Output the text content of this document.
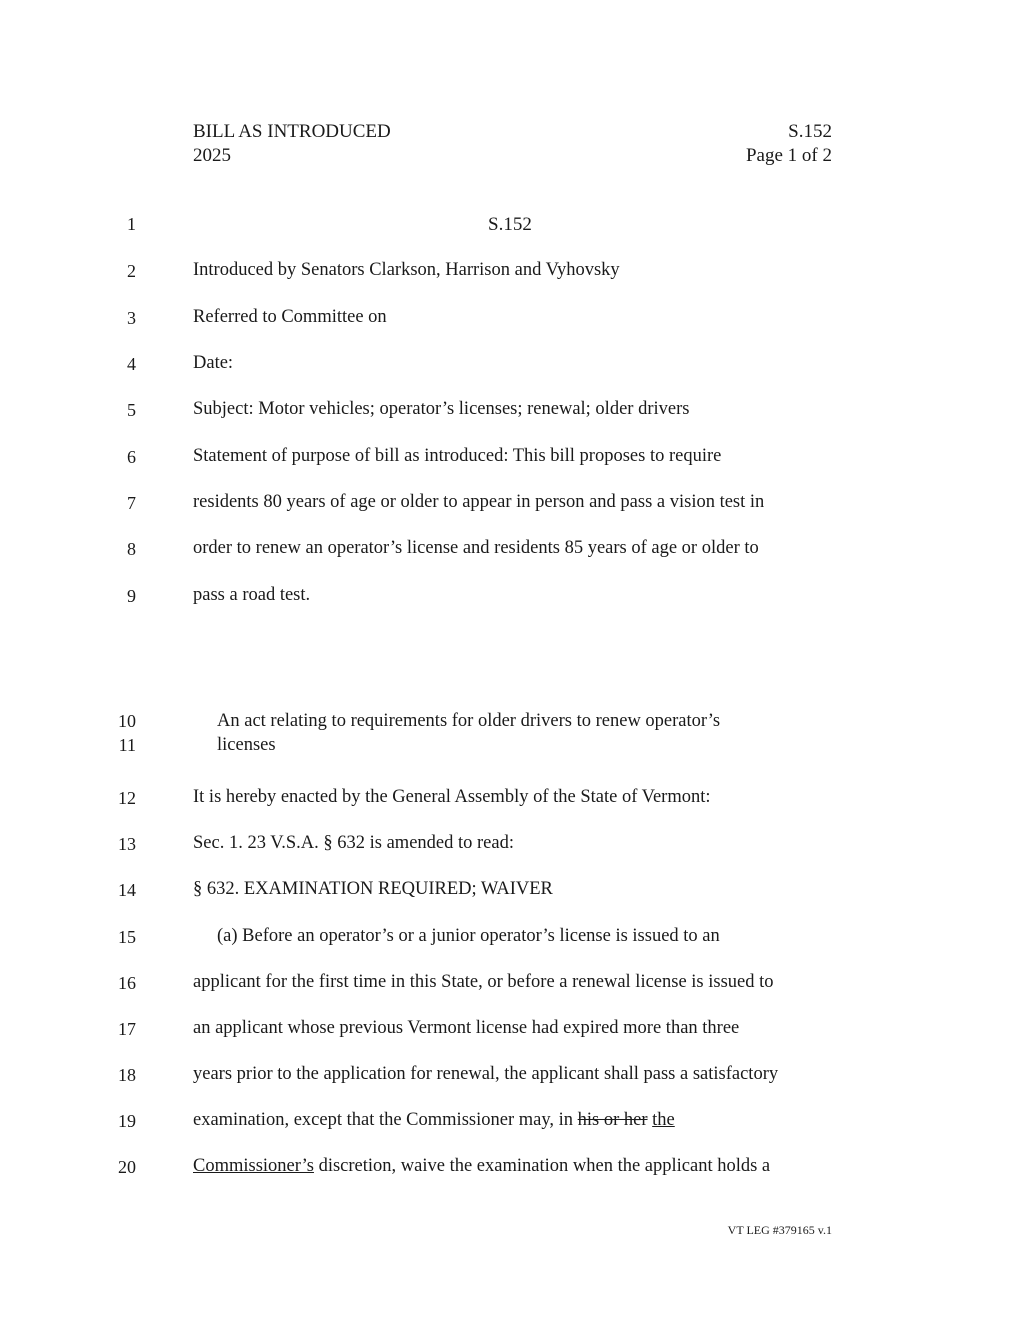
BILL AS INTRODUCED
2025
S.152
Page 1 of 2
1	S.152
2	Introduced by Senators Clarkson, Harrison and Vyhovsky
3	Referred to Committee on
4	Date:
5	Subject: Motor vehicles; operator’s licenses; renewal; older drivers
6	Statement of purpose of bill as introduced: This bill proposes to require
7	residents 80 years of age or older to appear in person and pass a vision test in
8	order to renew an operator’s license and residents 85 years of age or older to
9	pass a road test.
10	An act relating to requirements for older drivers to renew operator’s
11	licenses
12	It is hereby enacted by the General Assembly of the State of Vermont:
13	Sec. 1. 23 V.S.A. § 632 is amended to read:
14	§ 632. EXAMINATION REQUIRED; WAIVER
15	(a) Before an operator’s or a junior operator’s license is issued to an
16	applicant for the first time in this State, or before a renewal license is issued to
17	an applicant whose previous Vermont license had expired more than three
18	years prior to the application for renewal, the applicant shall pass a satisfactory
19	examination, except that the Commissioner may, in his or her the
20	Commissioner’s discretion, waive the examination when the applicant holds a
VT LEG #379165 v.1
